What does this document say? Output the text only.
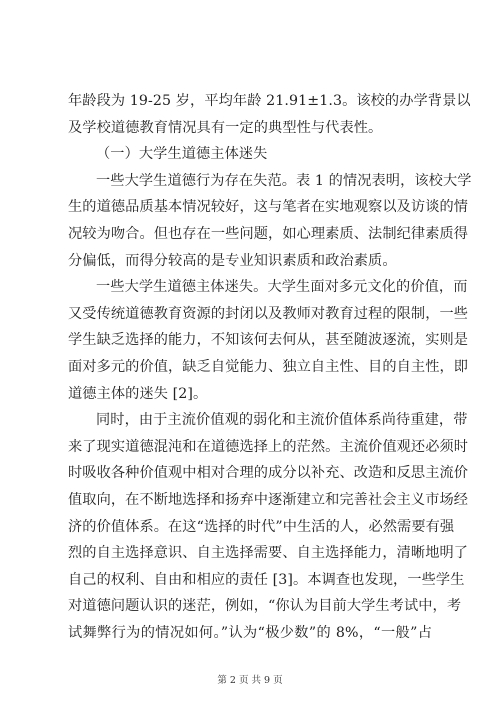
年龄段为 19-25 岁，平均年龄 21.91±1.3。该校的办学背景以
及学校道德教育情况具有一定的典型性与代表性。
（一）大学生道德主体迷失
一些大学生道德行为存在失范。表 1 的情况表明，该校大学
生的道德品质基本情况较好，这与笔者在实地观察以及访谈的情
况较为吻合。但也存在一些问题，如心理素质、法制纪律素质得
分偏低，而得分较高的是专业知识素质和政治素质。
一些大学生道德主体迷失。大学生面对多元文化的价值，而
又受传统道德教育资源的封闭以及教师对教育过程的限制，一些
学生缺乏选择的能力，不知该何去何从，甚至随波逐流，实则是
面对多元的价值，缺乏自觉能力、独立自主性、目的自主性，即
道德主体的迷失 [2]。
同时，由于主流价值观的弱化和主流价值体系尚待重建，带
来了现实道德混沌和在道德选择上的茫然。主流价值观还必须时
时吸收各种价值观中相对合理的成分以补充、改造和反思主流价
值取向，在不断地选择和扬弃中逐渐建立和完善社会主义市场经
济的价值体系。在这“选择的时代”中生活的人，必然需要有强
烈的自主选择意识、自主选择需要、自主选择能力，清晰地明了
自己的权利、自由和相应的责任 [3]。本调查也发现，一些学生
对道德问题认识的迷茫，例如，“你认为目前大学生考试中，考
试舞弊行为的情况如何。”认为“极少数”的 8%，“一般”占
第 2 页 共 9 页
